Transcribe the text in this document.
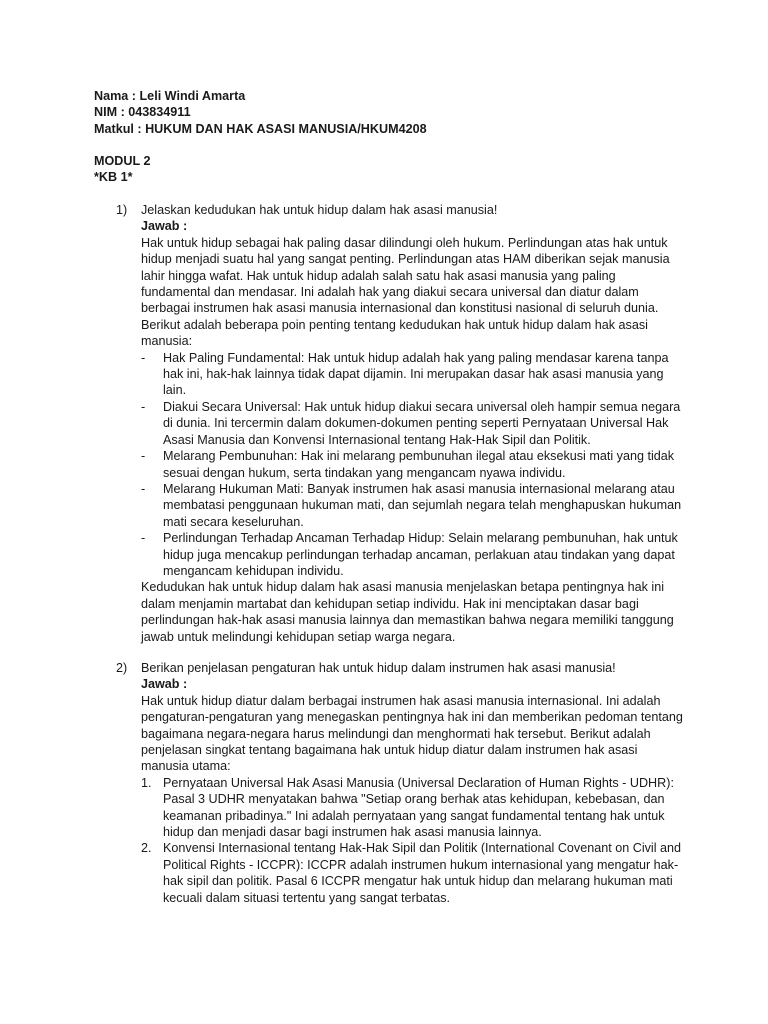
Nama : Leli Windi Amarta
NIM : 043834911
Matkul : HUKUM DAN HAK ASASI MANUSIA/HKUM4208
MODUL 2
*KB 1*
1) Jelaskan kedudukan hak untuk hidup dalam hak asasi manusia!
Jawab :

Hak untuk hidup sebagai hak paling dasar dilindungi oleh hukum. Perlindungan atas hak untuk hidup menjadi suatu hal yang sangat penting. Perlindungan atas HAM diberikan sejak manusia lahir hingga wafat. Hak untuk hidup adalah salah satu hak asasi manusia yang paling fundamental dan mendasar. Ini adalah hak yang diakui secara universal dan diatur dalam berbagai instrumen hak asasi manusia internasional dan konstitusi nasional di seluruh dunia. Berikut adalah beberapa poin penting tentang kedudukan hak untuk hidup dalam hak asasi manusia:

- Hak Paling Fundamental: Hak untuk hidup adalah hak yang paling mendasar karena tanpa hak ini, hak-hak lainnya tidak dapat dijamin. Ini merupakan dasar hak asasi manusia yang lain.
- Diakui Secara Universal: Hak untuk hidup diakui secara universal oleh hampir semua negara di dunia. Ini tercermin dalam dokumen-dokumen penting seperti Pernyataan Universal Hak Asasi Manusia dan Konvensi Internasional tentang Hak-Hak Sipil dan Politik.
- Melarang Pembunuhan: Hak ini melarang pembunuhan ilegal atau eksekusi mati yang tidak sesuai dengan hukum, serta tindakan yang mengancam nyawa individu.
- Melarang Hukuman Mati: Banyak instrumen hak asasi manusia internasional melarang atau membatasi penggunaan hukuman mati, dan sejumlah negara telah menghapuskan hukuman mati secara keseluruhan.
- Perlindungan Terhadap Ancaman Terhadap Hidup: Selain melarang pembunuhan, hak untuk hidup juga mencakup perlindungan terhadap ancaman, perlakuan atau tindakan yang dapat mengancam kehidupan individu.

Kedudukan hak untuk hidup dalam hak asasi manusia menjelaskan betapa pentingnya hak ini dalam menjamin martabat dan kehidupan setiap individu. Hak ini menciptakan dasar bagi perlindungan hak-hak asasi manusia lainnya dan memastikan bahwa negara memiliki tanggung jawab untuk melindungi kehidupan setiap warga negara.

2) Berikan penjelasan pengaturan hak untuk hidup dalam instrumen hak asasi manusia!
Jawab :

Hak untuk hidup diatur dalam berbagai instrumen hak asasi manusia internasional. Ini adalah pengaturan-pengaturan yang menegaskan pentingnya hak ini dan memberikan pedoman tentang bagaimana negara-negara harus melindungi dan menghormati hak tersebut. Berikut adalah penjelasan singkat tentang bagaimana hak untuk hidup diatur dalam instrumen hak asasi manusia utama:

1. Pernyataan Universal Hak Asasi Manusia (Universal Declaration of Human Rights - UDHR): Pasal 3 UDHR menyatakan bahwa "Setiap orang berhak atas kehidupan, kebebasan, dan keamanan pribadinya." Ini adalah pernyataan yang sangat fundamental tentang hak untuk hidup dan menjadi dasar bagi instrumen hak asasi manusia lainnya.
2. Konvensi Internasional tentang Hak-Hak Sipil dan Politik (International Covenant on Civil and Political Rights - ICCPR): ICCPR adalah instrumen hukum internasional yang mengatur hak-hak sipil dan politik. Pasal 6 ICCPR mengatur hak untuk hidup dan melarang hukuman mati kecuali dalam situasi tertentu yang sangat terbatas.
